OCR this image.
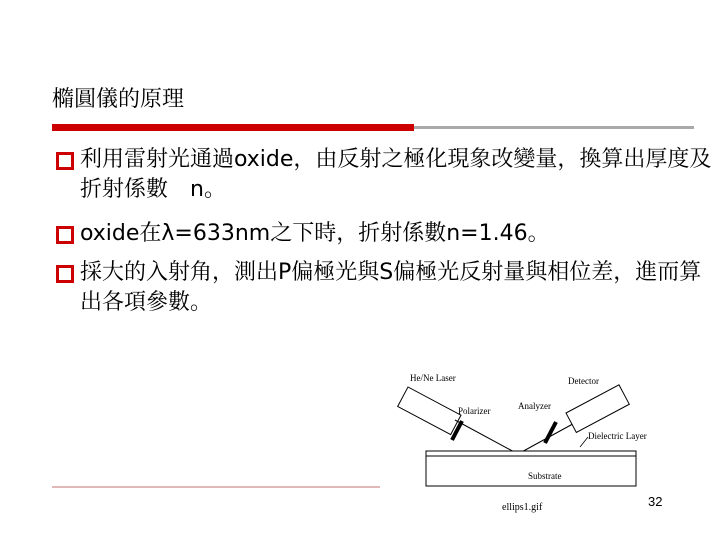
橢圓儀的原理
利用雷射光通過oxide，由反射之極化現象改變量，換算出厚度及折射係數　n。
oxide在λ=633nm之下時，折射係數n=1.46。
採大的入射角，測出P偏極光與S偏極光反射量與相位差，進而算出各項參數。
He/Ne Laser	Detector
Polarizer	Analyzer
Dielectric Layer
Substrate
ellips1.gif	32
